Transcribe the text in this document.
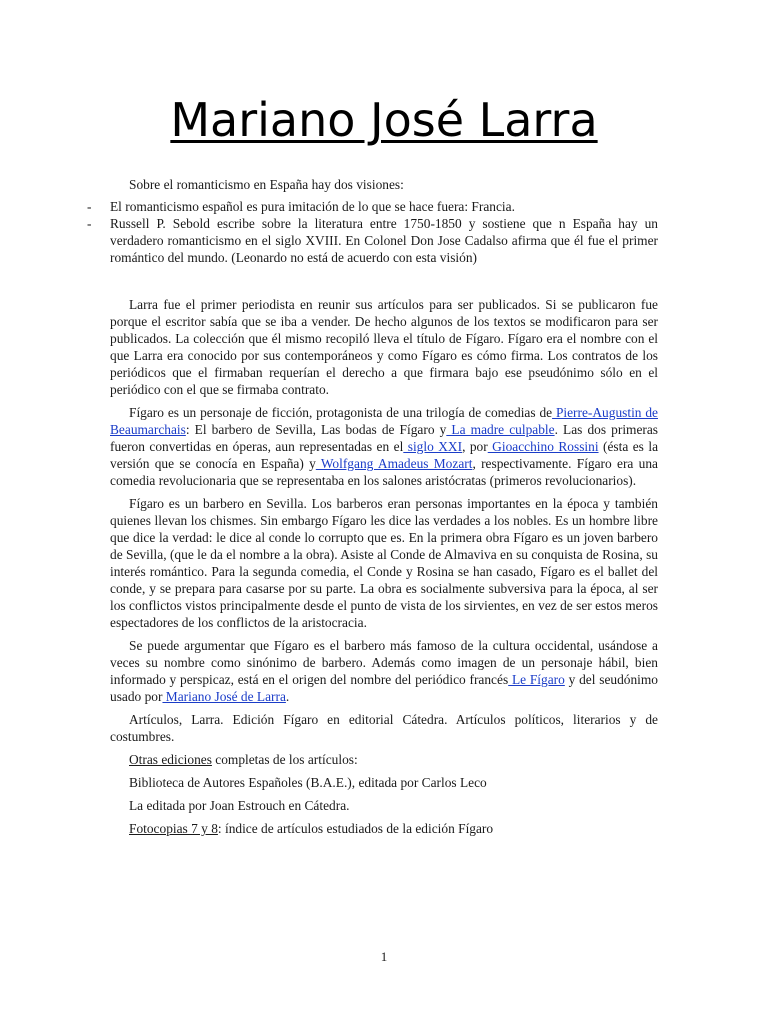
Mariano José Larra

Sobre el romanticismo en España hay dos visiones:

- El romanticismo español es pura imitación de lo que se hace fuera: Francia.

- Russell P. Sebold escribe sobre la literatura entre 1750-1850 y sostiene que n España hay un verdadero romanticismo en el siglo XVIII. En Colonel Don Jose Cadalso afirma que él fue el primer romántico del mundo. (Leonardo no está de acuerdo con esta visión)

Larra fue el primer periodista en reunir sus artículos para ser publicados. Si se publicaron fue porque el escritor sabía que se iba a vender. De hecho algunos de los textos se modificaron para ser publicados. La colección que él mismo recopiló lleva el título de Fígaro. Fígaro era el nombre con el que Larra era conocido por sus contemporáneos y como Fígaro es cómo firma. Los contratos de los periódicos que el firmaban requerían el derecho a que firmara bajo ese pseudónimo sólo en el periódico con el que se firmaba contrato.

Fígaro es un personaje de ficción, protagonista de una trilogía de comedias de Pierre-Augustin de Beaumarchais: El barbero de Sevilla, Las bodas de Fígaro y La madre culpable. Las dos primeras fueron convertidas en óperas, aun representadas en el siglo XXI, por Gioacchino Rossini (ésta es la versión que se conocía en España) y Wolfgang Amadeus Mozart, respectivamente. Fígaro era una comedia revolucionaria que se representaba en los salones aristócratas (primeros revolucionarios).

Fígaro es un barbero en Sevilla. Los barberos eran personas importantes en la época y también quienes llevan los chismes. Sin embargo Fígaro les dice las verdades a los nobles. Es un hombre libre que dice la verdad: le dice al conde lo corrupto que es. En la primera obra Fígaro es un joven barbero de Sevilla, (que le da el nombre a la obra). Asiste al Conde de Almaviva en su conquista de Rosina, su interés romántico. Para la segunda comedia, el Conde y Rosina se han casado, Fígaro es el ballet del conde, y se prepara para casarse por su parte. La obra es socialmente subversiva para la época, al ser los conflictos vistos principalmente desde el punto de vista de los sirvientes, en vez de ser estos meros espectadores de los conflictos de la aristocracia.

Se puede argumentar que Fígaro es el barbero más famoso de la cultura occidental, usándose a veces su nombre como sinónimo de barbero. Además como imagen de un personaje hábil, bien informado y perspicaz, está en el origen del nombre del periódico francés Le Fígaro y del seudónimo usado por Mariano José de Larra.

Artículos, Larra. Edición Fígaro en editorial Cátedra. Artículos políticos, literarios y de costumbres.

Otras ediciones completas de los artículos:

Biblioteca de Autores Españoles (B.A.E.), editada por Carlos Leco

La editada por Joan Estrouch en Cátedra.

Fotocopias 7 y 8: índice de artículos estudiados de la edición Fígaro

1
